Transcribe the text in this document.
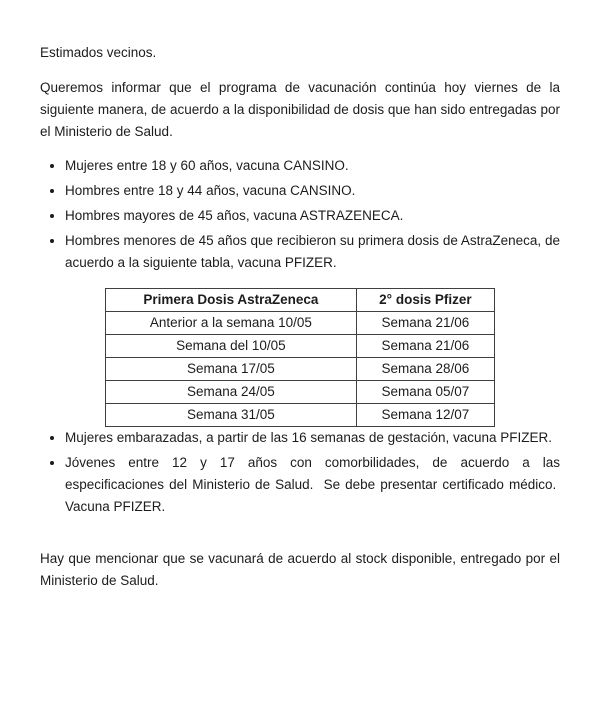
Estimados vecinos.

Queremos informar que el programa de vacunación continúa hoy viernes de la siguiente manera, de acuerdo a la disponibilidad de dosis que han sido entregadas por el Ministerio de Salud.

• Mujeres entre 18 y 60 años, vacuna CANSINO.
• Hombres entre 18 y 44 años, vacuna CANSINO.
• Hombres mayores de 45 años, vacuna ASTRAZENECA.
• Hombres menores de 45 años que recibieron su primera dosis de AstraZeneca, de acuerdo a la siguiente tabla, vacuna PFIZER.
Primera Dosis AstraZeneca	2° dosis Pfizer
Anterior a la semana 10/05	Semana 21/06
Semana del 10/05	Semana 21/06
Semana 17/05	Semana 28/06
Semana 24/05	Semana 05/07
Semana 31/05	Semana 12/07
• Mujeres embarazadas, a partir de las 16 semanas de gestación, vacuna PFIZER.
• Jóvenes entre 12 y 17 años con comorbilidades, de acuerdo a las especificaciones del Ministerio de Salud.  Se debe presentar certificado médico.  Vacuna PFIZER.

Hay que mencionar que se vacunará de acuerdo al stock disponible, entregado por el Ministerio de Salud.
